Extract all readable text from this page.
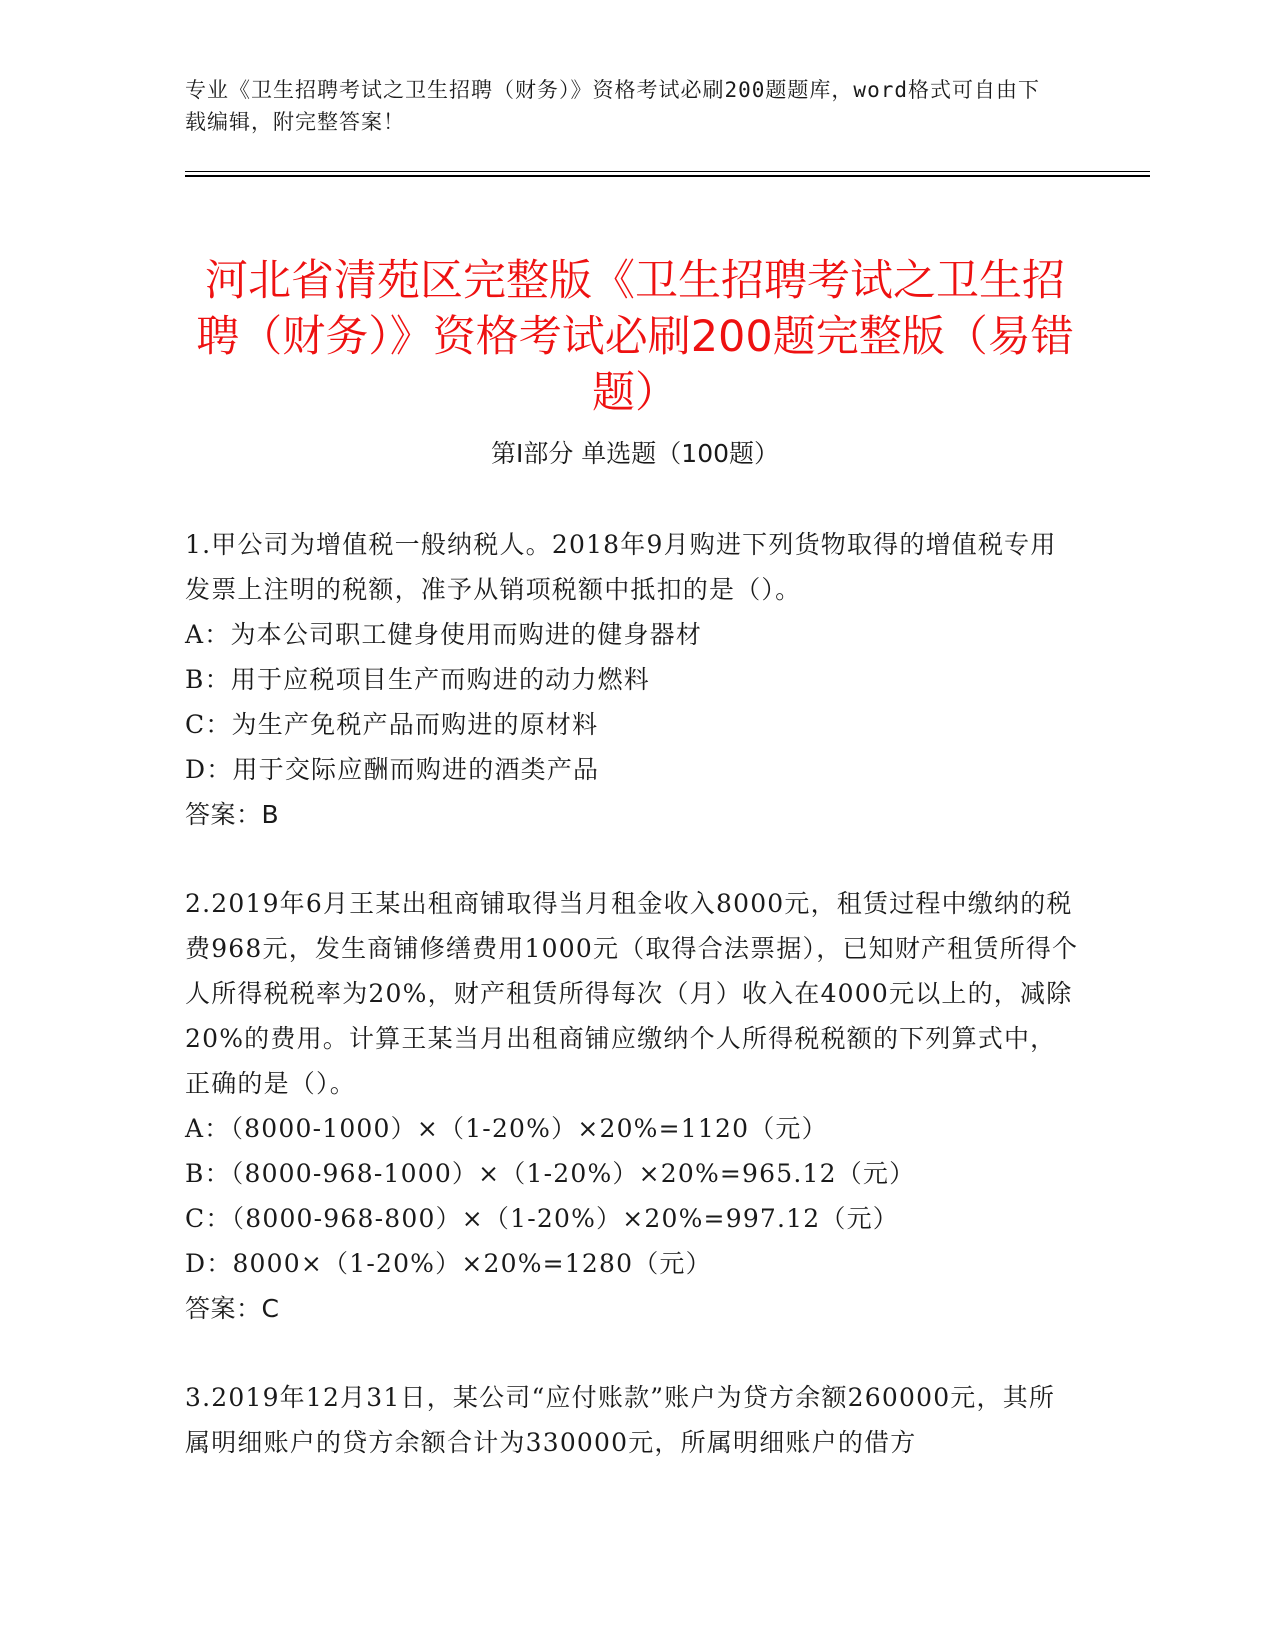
专业《卫生招聘考试之卫生招聘（财务）》资格考试必刷200题题库，word格式可自由下载编辑，附完整答案！
河北省清苑区完整版《卫生招聘考试之卫生招聘（财务）》资格考试必刷200题完整版（易错题）
第Ⅰ部分 单选题（100题）

1.甲公司为增值税一般纳税人。2018年9月购进下列货物取得的增值税专用发票上注明的税额，准予从销项税额中抵扣的是（）。

A：为本公司职工健身使用而购进的健身器材

B：用于应税项目生产而购进的动力燃料

C：为生产免税产品而购进的原材料

D：用于交际应酬而购进的酒类产品

答案：B

2.2019年6月王某出租商铺取得当月租金收入8000元，租赁过程中缴纳的税费968元，发生商铺修缮费用1000元（取得合法票据），已知财产租赁所得个人所得税税率为20%，财产租赁所得每次（月）收入在4000元以上的，减除20%的费用。计算王某当月出租商铺应缴纳个人所得税税额的下列算式中，正确的是（）。

A：（8000-1000）×（1-20%）×20%=1120（元）

B：（8000-968-1000）×（1-20%）×20%=965.12（元）

C：（8000-968-800）×（1-20%）×20%=997.12（元）

D：8000×（1-20%）×20%=1280（元）

答案：C

3.2019年12月31日，某公司“应付账款”账户为贷方余额260000元，其所属明细账户的贷方余额合计为330000元，所属明细账户的借方
